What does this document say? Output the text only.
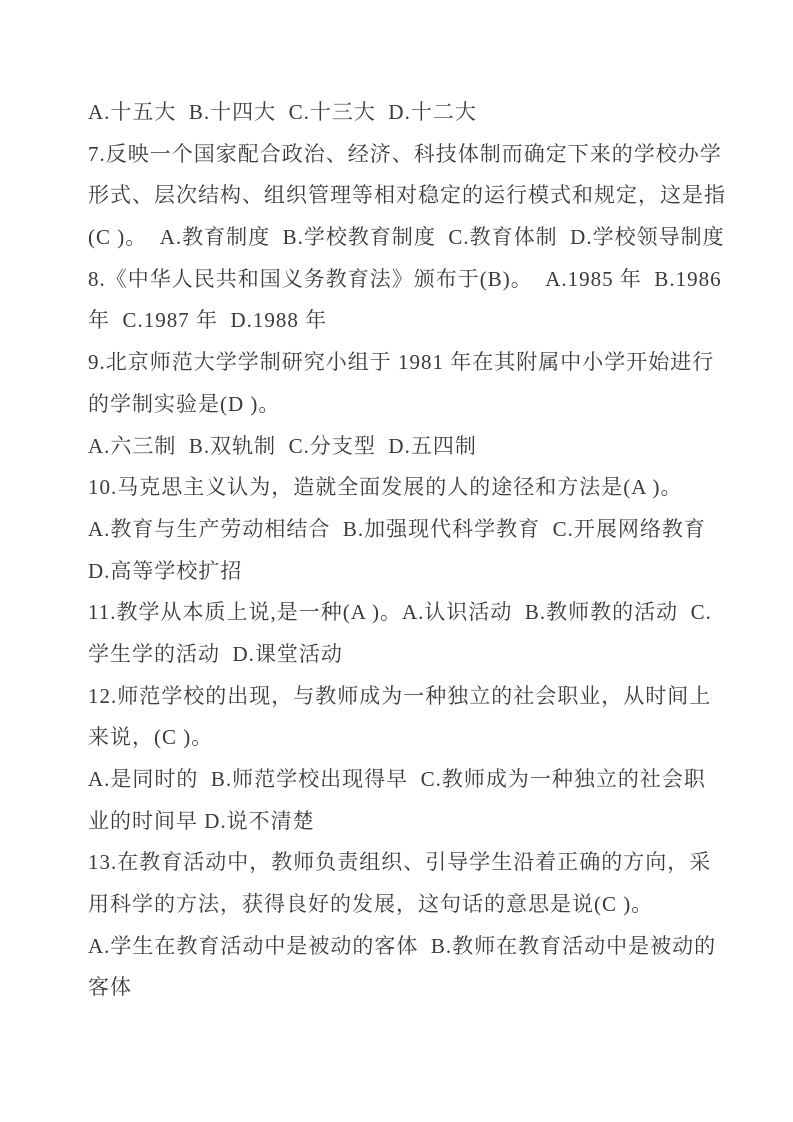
A.十五大  B.十四大  C.十三大  D.十二大
7.反映一个国家配合政治、经济、科技体制而确定下来的学校办学
形式、层次结构、组织管理等相对稳定的运行模式和规定，这是指
(C )。  A.教育制度  B.学校教育制度  C.教育体制  D.学校领导制度
8.《中华人民共和国义务教育法》颁布于(B)。  A.1985 年  B.1986
年  C.1987 年  D.1988 年
9.北京师范大学学制研究小组于 1981 年在其附属中小学开始进行
的学制实验是(D )。
A.六三制  B.双轨制  C.分支型  D.五四制
10.马克思主义认为，造就全面发展的人的途径和方法是(A )。
A.教育与生产劳动相结合  B.加强现代科学教育  C.开展网络教育
D.高等学校扩招
11.教学从本质上说,是一种(A )。A.认识活动  B.教师教的活动  C.
学生学的活动  D.课堂活动
12.师范学校的出现，与教师成为一种独立的社会职业，从时间上
来说，(C )。
A.是同时的  B.师范学校出现得早  C.教师成为一种独立的社会职
业的时间早 D.说不清楚
13.在教育活动中，教师负责组织、引导学生沿着正确的方向，采
用科学的方法，获得良好的发展，这句话的意思是说(C )。
A.学生在教育活动中是被动的客体  B.教师在教育活动中是被动的
客体
